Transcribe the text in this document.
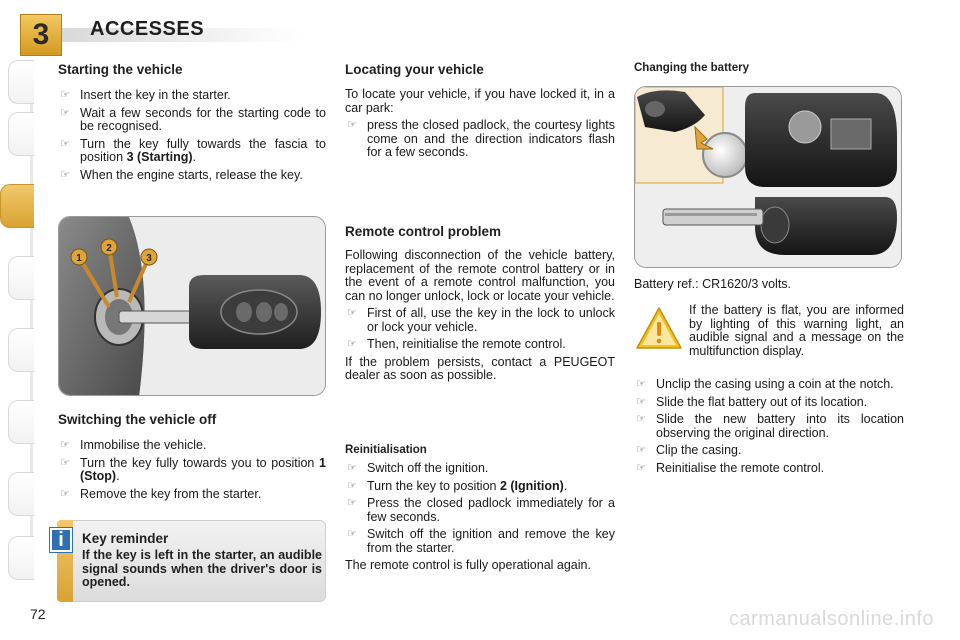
3 ACCESSES
Starting the vehicle
☞ Insert the key in the starter.
☞ Wait a few seconds for the starting code to be recognised.
☞ Turn the key fully towards the fascia to position 3 (Starting).
☞ When the engine starts, release the key.
1
2
3
Switching the vehicle off
☞ Immobilise the vehicle.
☞ Turn the key fully towards you to position 1 (Stop).
☞ Remove the key from the starter.
i	Key reminder
If the key is left in the starter, an audible signal sounds when the driver's door is opened.
Locating your vehicle
To locate your vehicle, if you have locked it, in a car park:
☞ press the closed padlock, the courtesy lights come on and the direction indicators flash for a few seconds.
Remote control problem
Following disconnection of the vehicle battery, replacement of the remote control battery or in the event of a remote control malfunction, you can no longer unlock, lock or locate your vehicle.
☞ First of all, use the key in the lock to unlock or lock your vehicle.
☞ Then, reinitialise the remote control.
If the problem persists, contact a PEUGEOT dealer as soon as possible.
Reinitialisation
☞ Switch off the ignition.
☞ Turn the key to position 2 (Ignition).
☞ Press the closed padlock immediately for a few seconds.
☞ Switch off the ignition and remove the key from the starter.
The remote control is fully operational again.
Changing the battery
Battery ref.: CR1620/3 volts.
If the battery is flat, you are informed by lighting of this warning light, an audible signal and a message on the multifunction display.
☞ Unclip the casing using a coin at the notch.
☞ Slide the flat battery out of its location.
☞ Slide the new battery into its location observing the original direction.
☞ Clip the casing.
☞ Reinitialise the remote control.
72	carmanualsonline.info
